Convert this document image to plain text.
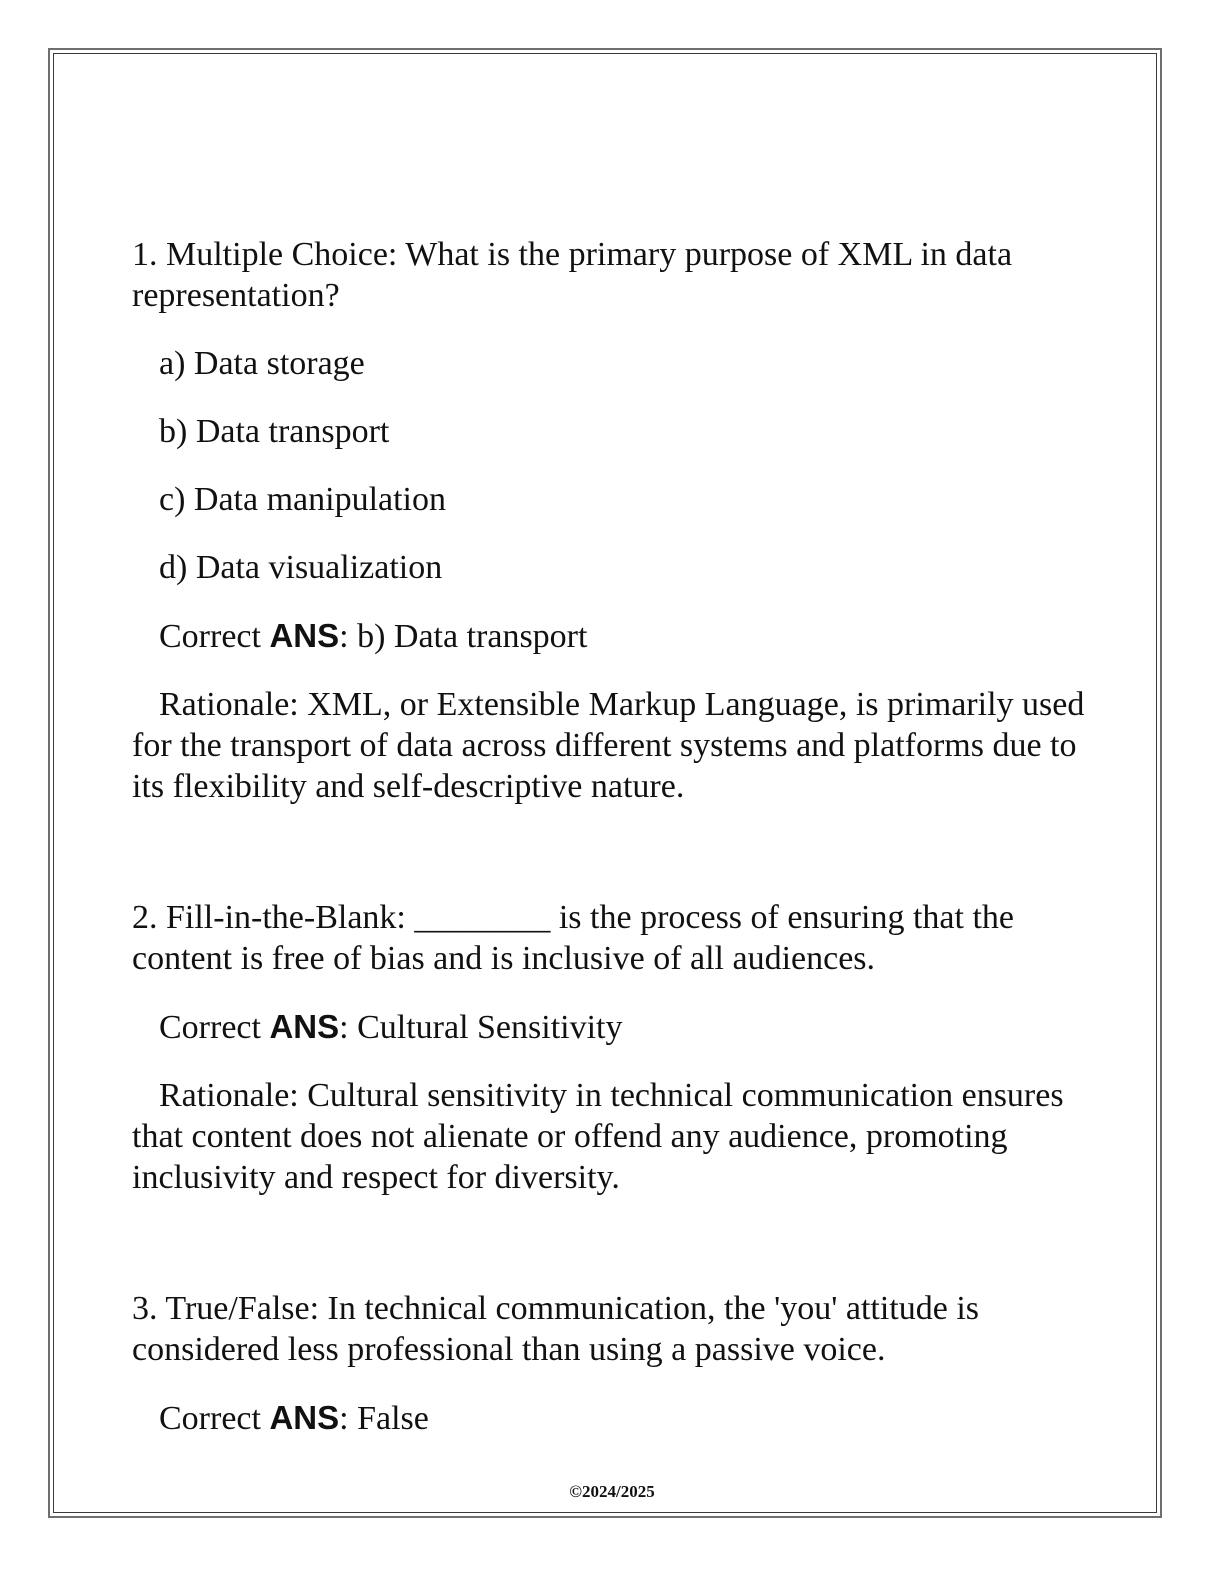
1. Multiple Choice: What is the primary purpose of XML in data representation?

a) Data storage

b) Data transport

c) Data manipulation

d) Data visualization

Correct ANS: b) Data transport

Rationale: XML, or Extensible Markup Language, is primarily used for the transport of data across different systems and platforms due to its flexibility and self-descriptive nature.

2. Fill-in-the-Blank: ________ is the process of ensuring that the content is free of bias and is inclusive of all audiences.

Correct ANS: Cultural Sensitivity

Rationale: Cultural sensitivity in technical communication ensures that content does not alienate or offend any audience, promoting inclusivity and respect for diversity.

3. True/False: In technical communication, the 'you' attitude is considered less professional than using a passive voice.

Correct ANS: False

©2024/2025
